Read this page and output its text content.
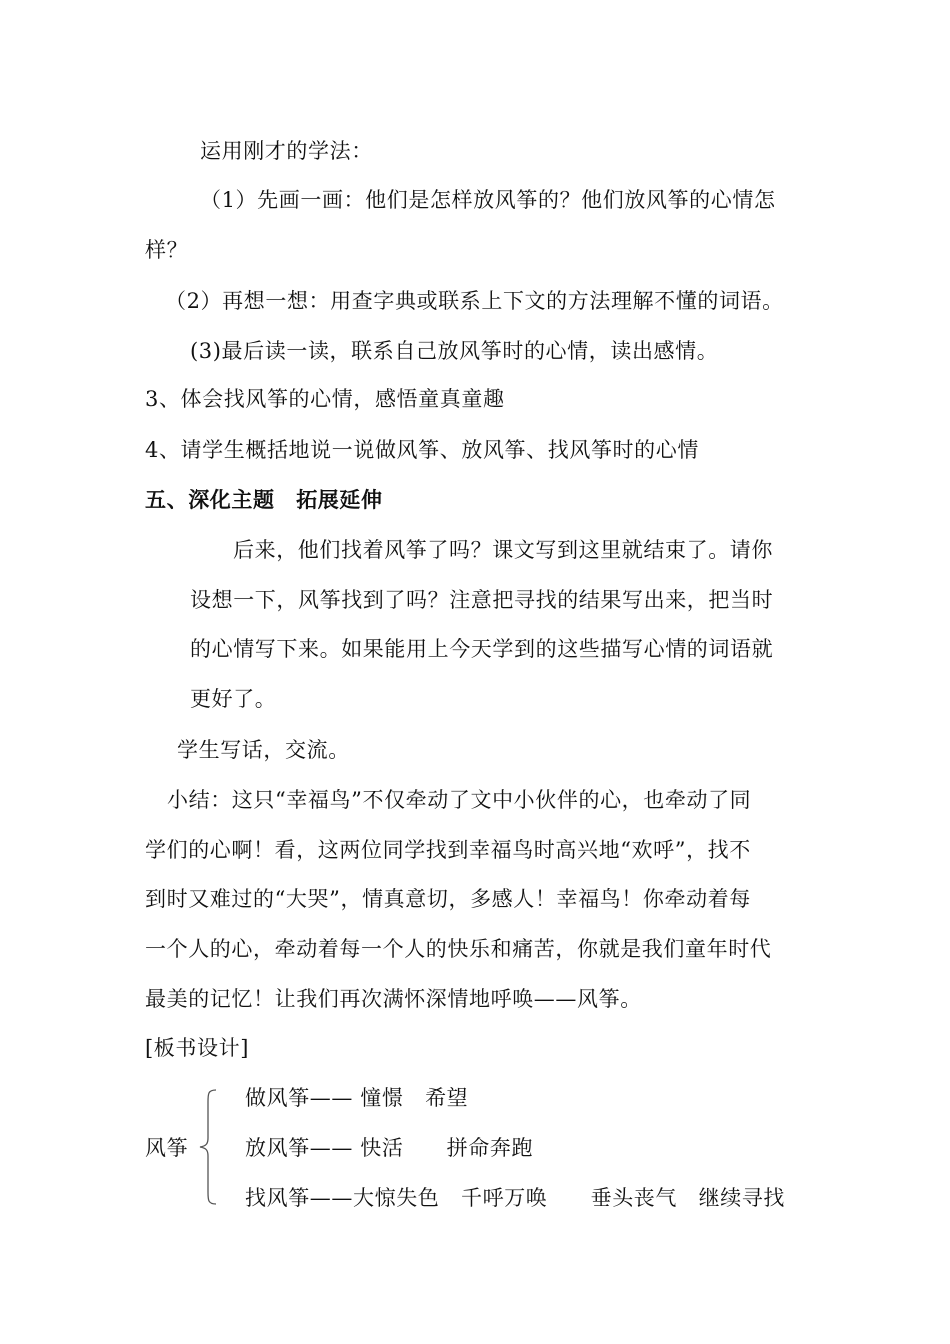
运用刚才的学法：
（1）先画一画：他们是怎样放风筝的？他们放风筝的心情怎
样？
（2）再想一想：用查字典或联系上下文的方法理解不懂的词语。
(3)最后读一读，联系自己放风筝时的心情，读出感情。
3、体会找风筝的心情，感悟童真童趣
4、请学生概括地说一说做风筝、放风筝、找风筝时的心情
五、深化主题　拓展延伸
后来，他们找着风筝了吗？课文写到这里就结束了。请你
设想一下，风筝找到了吗？注意把寻找的结果写出来，把当时
的心情写下来。如果能用上今天学到的这些描写心情的词语就
更好了。
学生写话，交流。
小结：这只“幸福鸟”不仅牵动了文中小伙伴的心，也牵动了同
学们的心啊！看，这两位同学找到幸福鸟时高兴地“欢呼”，找不
到时又难过的“大哭”，情真意切，多感人！幸福鸟！你牵动着每
一个人的心，牵动着每一个人的快乐和痛苦，你就是我们童年时代
最美的记忆！让我们再次满怀深情地呼唤——风筝。
[板书设计]
风筝
做风筝—— 憧憬　希望
放风筝—— 快活　　拼命奔跑
找风筝——大惊失色　千呼万唤　　垂头丧气　继续寻找
